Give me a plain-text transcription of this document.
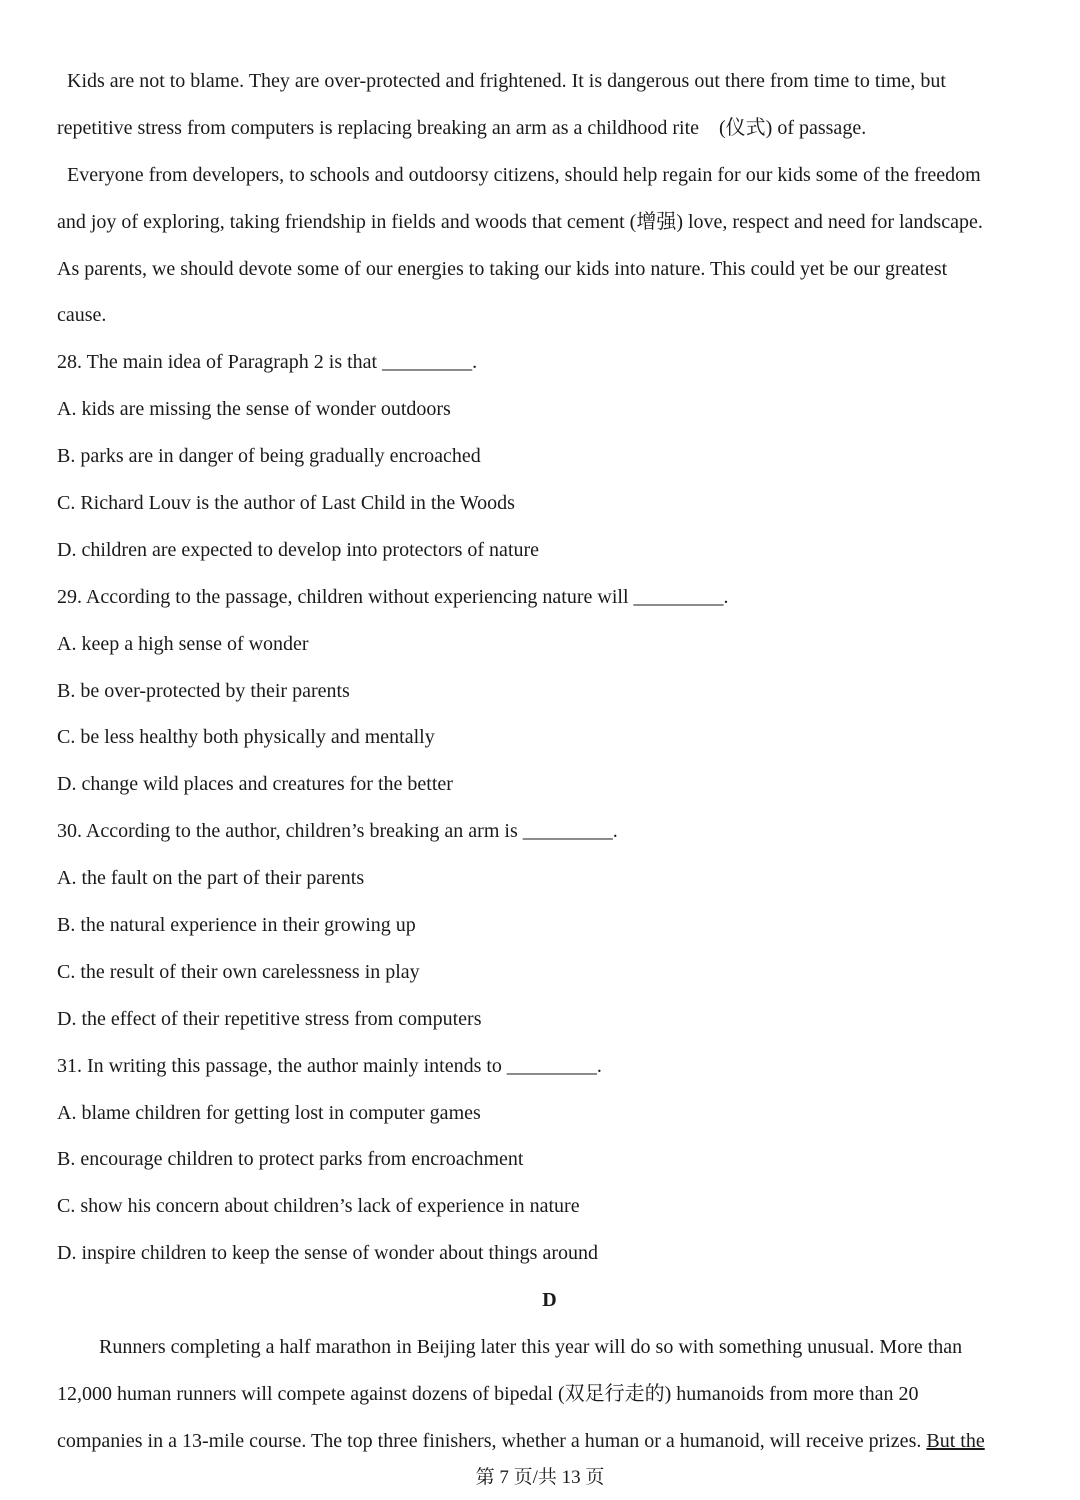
Kids are not to blame. They are over-protected and frightened. It is dangerous out there from time to time, but
repetitive stress from computers is replacing breaking an arm as a childhood rite　(仪式) of passage.
Everyone from developers, to schools and outdoorsy citizens, should help regain for our kids some of the freedom
and joy of exploring, taking friendship in fields and woods that cement (增强) love, respect and need for landscape.
As parents, we should devote some of our energies to taking our kids into nature. This could yet be our greatest
cause.
28. The main idea of Paragraph 2 is that _________.
A. kids are missing the sense of wonder outdoors
B. parks are in danger of being gradually encroached
C. Richard Louv is the author of Last Child in the Woods
D. children are expected to develop into protectors of nature
29. According to the passage, children without experiencing nature will _________.
A. keep a high sense of wonder
B. be over-protected by their parents
C. be less healthy both physically and mentally
D. change wild places and creatures for the better
30. According to the author, children’s breaking an arm is _________.
A. the fault on the part of their parents
B. the natural experience in their growing up
C. the result of their own carelessness in play
D. the effect of their repetitive stress from computers
31. In writing this passage, the author mainly intends to _________.
A. blame children for getting lost in computer games
B. encourage children to protect parks from encroachment
C. show his concern about children’s lack of experience in nature
D. inspire children to keep the sense of wonder about things around
D
Runners completing a half marathon in Beijing later this year will do so with something unusual. More than
12,000 human runners will compete against dozens of bipedal (双足行走的) humanoids from more than 20
companies in a 13-mile course. The top three finishers, whether a human or a humanoid, will receive prizes. But the
第 7 页/共 13 页
